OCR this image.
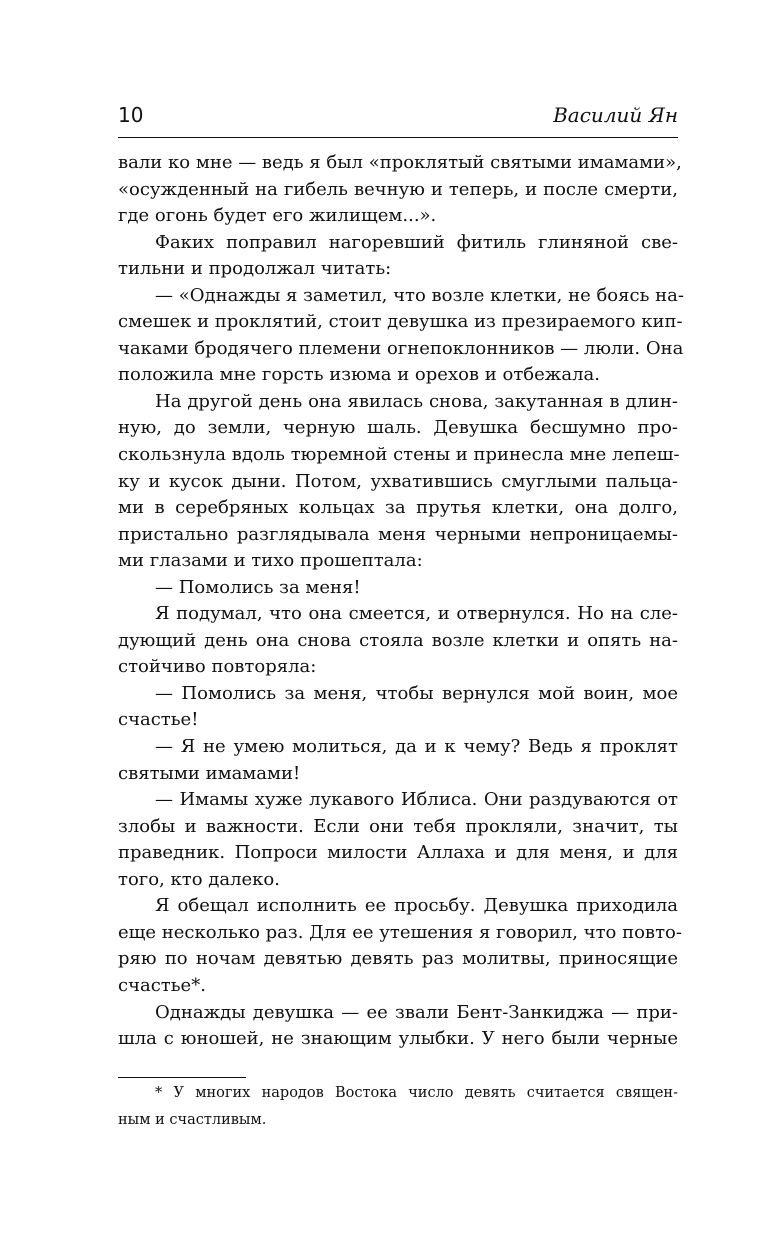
10	Василий Ян
вали ко мне — ведь я был «проклятый святыми имамами»,
«осужденный на гибель вечную и теперь, и после смерти,
где огонь будет его жилищем...».
Факих поправил нагоревший фитиль глиняной све-
тильни и продолжал читать:
— «Однажды я заметил, что возле клетки, не боясь на-
смешек и проклятий, стоит девушка из презираемого кип-
чаками бродячего племени огнепоклонников — люли. Она
положила мне горсть изюма и орехов и отбежала.
На другой день она явилась снова, закутанная в длин-
ную, до земли, черную шаль. Девушка бесшумно про-
скользнула вдоль тюремной стены и принесла мне лепеш-
ку и кусок дыни. Потом, ухватившись смуглыми пальца-
ми в серебряных кольцах за прутья клетки, она долго,
пристально разглядывала меня черными непроницаемы-
ми глазами и тихо прошептала:
— Помолись за меня!
Я подумал, что она смеется, и отвернулся. Но на сле-
дующий день она снова стояла возле клетки и опять на-
стойчиво повторяла:
— Помолись за меня, чтобы вернулся мой воин, мое
счастье!
— Я не умею молиться, да и к чему? Ведь я проклят
святыми имамами!
— Имамы хуже лукавого Иблиса. Они раздуваются от
злобы и важности. Если они тебя прокляли, значит, ты
праведник. Попроси милости Аллаха и для меня, и для
того, кто далеко.
Я обещал исполнить ее просьбу. Девушка приходила
еще несколько раз. Для ее утешения я говорил, что повто-
ряю по ночам девятью девять раз молитвы, приносящие
счастье*.
Однажды девушка — ее звали Бент-Занкиджа — при-
шла с юношей, не знающим улыбки. У него были черные
* У многих народов Востока число девять считается священ-
ным и счастливым.
